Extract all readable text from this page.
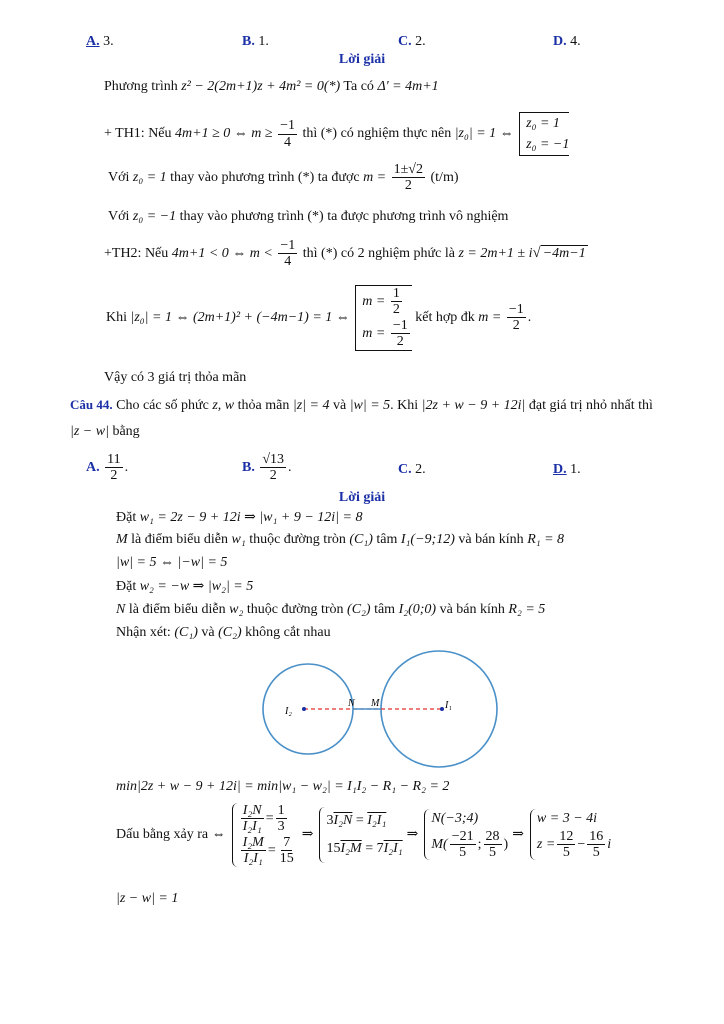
A. 3.	B. 1.	C. 2.	D. 4.
Lời giải
Phương trình z² − 2(2m+1)z + 4m² = 0(*) Ta có Δ' = 4m+1
+ TH1: Nếu 4m+1 ≥ 0 ⇔ $m \ge \frac{-1}{4}$ thì (*) có nghiệm thực nên |z₀| = 1 ⇔ z₀ = 1
z₀ = −1
Với z₀ = 1 thay vào phương trình (*) ta được $m = \frac{1\pm√2}{2} (t/m)$
Với z₀ = −1 thay vào phương trình (*) ta được phương trình vô nghiệm
+TH2: Nếu 4m+1 < 0 ⇔ $m < \frac{-1}{4}$ thì (*) có 2 nghiệm phức là z = 2m+1 ± i√ −4m−1
Khi |z₀| = 1 ⇔ (2m+1)² + (−4m−1) = 1 ⇔ $m = \frac{1}{2}$

$m = \frac{-1}{2}$
kết hợp đk $m = \frac{-1}{2}$ .
Vậy có 3 giá trị thỏa mãn
Câu 44. Cho các số phức z, w thỏa mãn |z| = 4 và |w| = 5. Khi |2z + w − 9 + 12i| đạt giá trị nhỏ nhất thì
|z − w| bằng
A. $\frac{11}{2}$ .	B. $\frac{√13}{2}$ .	C. 2.	D. 1.
Lời giải
Đặt w₁ = 2z − 9 + 12i ⇒ |w₁ + 9 − 12i| = 8
M là điểm biểu diễn w₁ thuộc đường tròn (C₁) tâm I₁(−9;12) và bán kính R₁ = 8
|w| = 5 ⇔ |−w| = 5
Đặt w₂ = −w ⇒ |w₂| = 5
N là điểm biểu diễn w₂ thuộc đường tròn (C₂) tâm I₂(0;0) và bán kính R₂ = 5
Nhận xét: (C₁) và (C₂) không cắt nhau
I₂
N M	I₁
min|2z + w − 9 + 12i| = min|w₁ − w₂| = I₁I₂ − R₁ − R₂ = 2
Dấu bằng xảy ra ⇔ $\frac{\text{I₂N}}{\text{I₂I₁}} = \frac{1}{3}$

$\frac{\text{I₂M}}{\text{I₂I₁}} = \frac{7}{15}$ ⇒
3I₂N = I₂I₁
15I₂M = 7I₂I₁
⇒
N(−3;4)
$M( \frac{-21}{5}$ ; $\frac{28}{5}$ )
⇒
w = 3 − 4i
$z = \frac{12}{5} - \frac{16}{5}$ i
|z − w| = 1
